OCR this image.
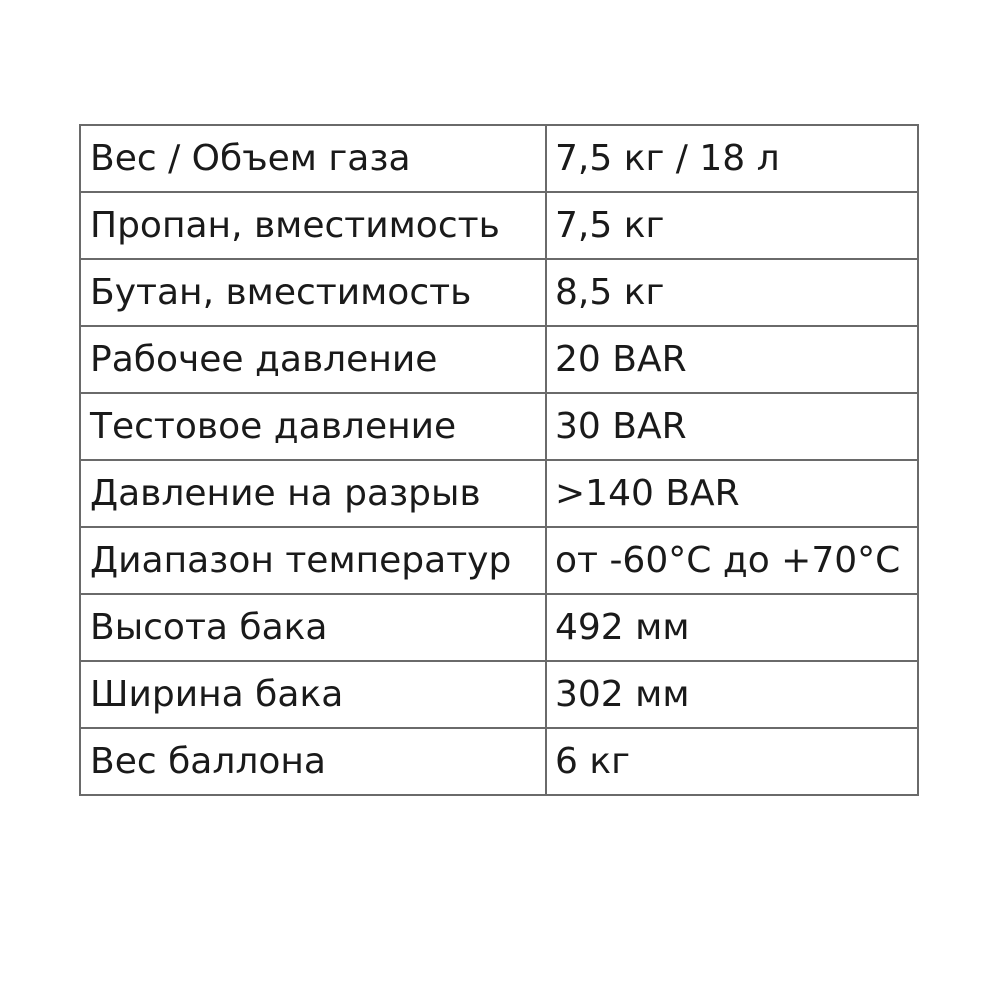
Вес / Объем газа	7,5 кг / 18 л
Пропан, вместимость	7,5 кг
Бутан, вместимость	8,5 кг
Рабочее давление	20 BAR
Тестовое давление	30 BAR
Давление на разрыв	>140 BAR
Диапазон температур	от -60°C до +70°C
Высота бака	492 мм
Ширина бака	302 мм
Вес баллона	6 кг
